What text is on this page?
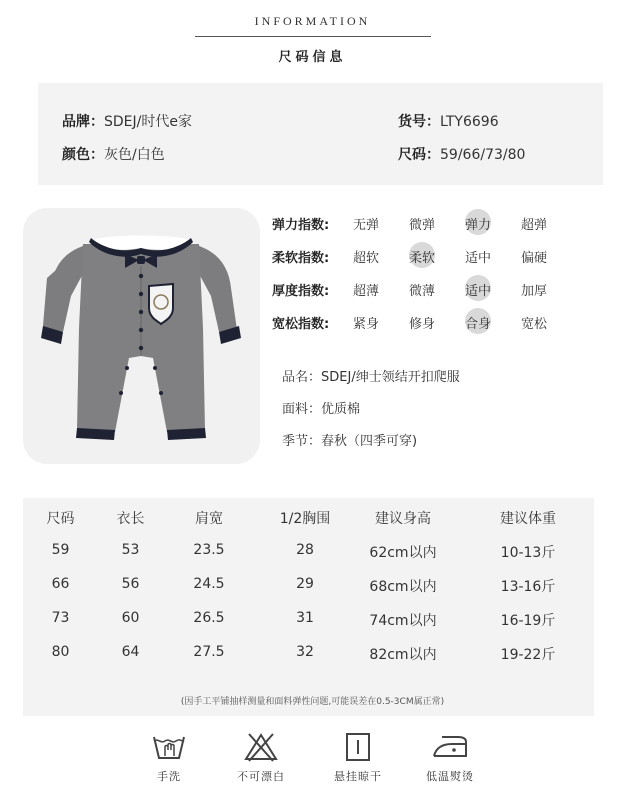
INFORMATION
尺码信息
品牌：SDEJ/时代e家	货号：LTY6696
颜色：灰色/白色	尺码：59/66/73/80
弹力指数:	无弹	微弹	弹力	超弹
柔软指数:	超软	柔软	适中	偏硬
厚度指数:	超薄	微薄	适中	加厚
宽松指数:	紧身	修身	合身	宽松
品名：SDEJ/绅士领结开扣爬服
面料：优质棉
季节：春秋（四季可穿)
尺码	衣长	肩宽	1/2胸围	建议身高	建议体重
59	53	23.5	28	62cm以内	10-13斤
66	56	24.5	29	68cm以内	13-16斤
73	60	26.5	31	74cm以内	16-19斤
80	64	27.5	32	82cm以内	19-22斤
(因手工平铺抽样测量和面料弹性问题,可能误差在0.5-3CM属正常)
手洗	不可漂白	悬挂晾干	低温熨烫
